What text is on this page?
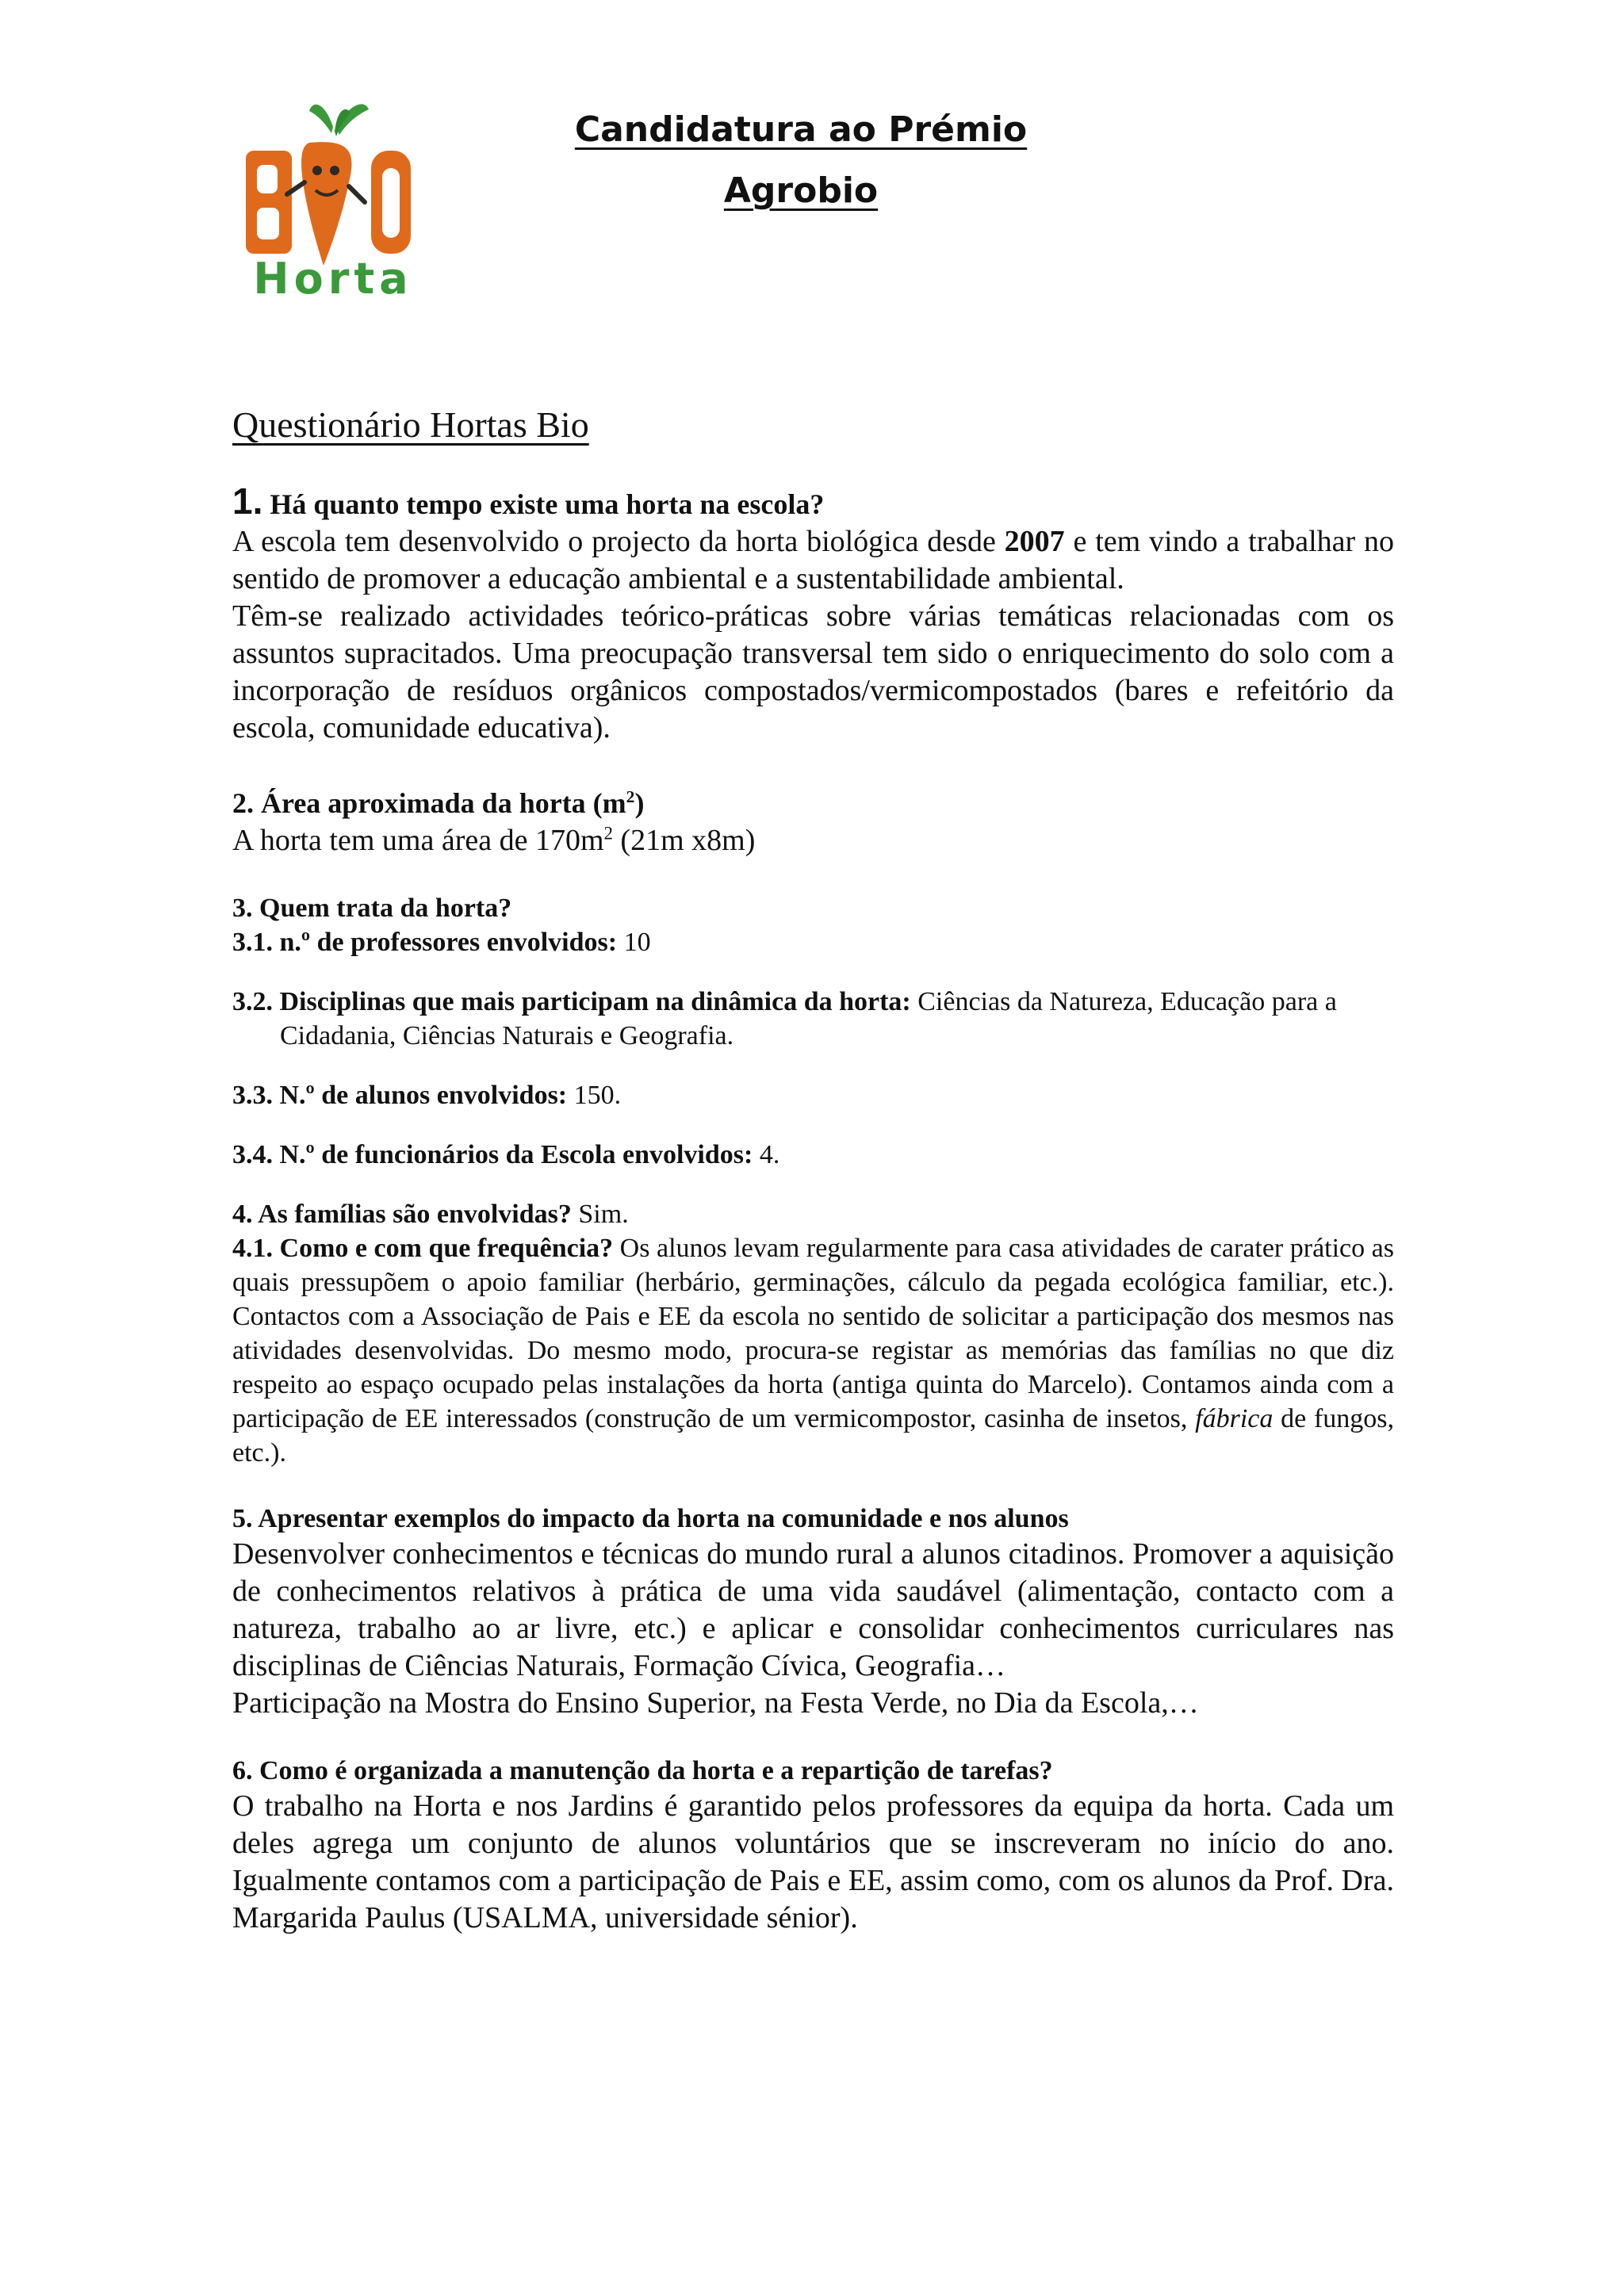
Horta
Candidatura ao Prémio
Agrobio
Questionário Hortas Bio

1. Há quanto tempo existe uma horta na escola?

A escola tem desenvolvido o projecto da horta biológica desde 2007 e tem vindo a trabalhar no sentido de promover a educação ambiental e a sustentabilidade ambiental.

Têm-se realizado actividades teórico-práticas sobre várias temáticas relacionadas com os assuntos supracitados. Uma preocupação transversal tem sido o enriquecimento do solo com a incorporação de resíduos orgânicos compostados/vermicompostados (bares e refeitório da escola, comunidade educativa).

2. Área aproximada da horta $(m^2)$

A horta tem uma área de $170m^2$ (21m x8m)

3. Quem trata da horta?

3.1. n.º de professores envolvidos: 10

3.2. Disciplinas que mais participam na dinâmica da horta: Ciências da Natureza, Educação para a Cidadania, Ciências Naturais e Geografia.

3.3. N.º de alunos envolvidos: 150.

3.4. N.º de funcionários da Escola envolvidos: 4.

4. As famílias são envolvidas? Sim.

4.1. Como e com que frequência? Os alunos levam regularmente para casa atividades de carater prático as quais pressupõem o apoio familiar (herbário, germinações, cálculo da pegada ecológica familiar, etc.). Contactos com a Associação de Pais e EE da escola no sentido de solicitar a participação dos mesmos nas atividades desenvolvidas. Do mesmo modo, procura-se registar as memórias das famílias no que diz respeito ao espaço ocupado pelas instalações da horta (antiga quinta do Marcelo). Contamos ainda com a participação de EE interessados (construção de um vermicompostor, casinha de insetos, fábrica de fungos, etc.).

5. Apresentar exemplos do impacto da horta na comunidade e nos alunos

Desenvolver conhecimentos e técnicas do mundo rural a alunos citadinos. Promover a aquisição de conhecimentos relativos à prática de uma vida saudável (alimentação, contacto com a natureza, trabalho ao ar livre, etc.) e aplicar e consolidar conhecimentos curriculares nas disciplinas de Ciências Naturais, Formação Cívica, Geografia…

Participação na Mostra do Ensino Superior, na Festa Verde, no Dia da Escola,…

6. Como é organizada a manutenção da horta e a repartição de tarefas?

O trabalho na Horta e nos Jardins é garantido pelos professores da equipa da horta. Cada um deles agrega um conjunto de alunos voluntários que se inscreveram no início do ano. Igualmente contamos com a participação de Pais e EE, assim como, com os alunos da Prof. Dra. Margarida Paulus (USALMA, universidade sénior).
